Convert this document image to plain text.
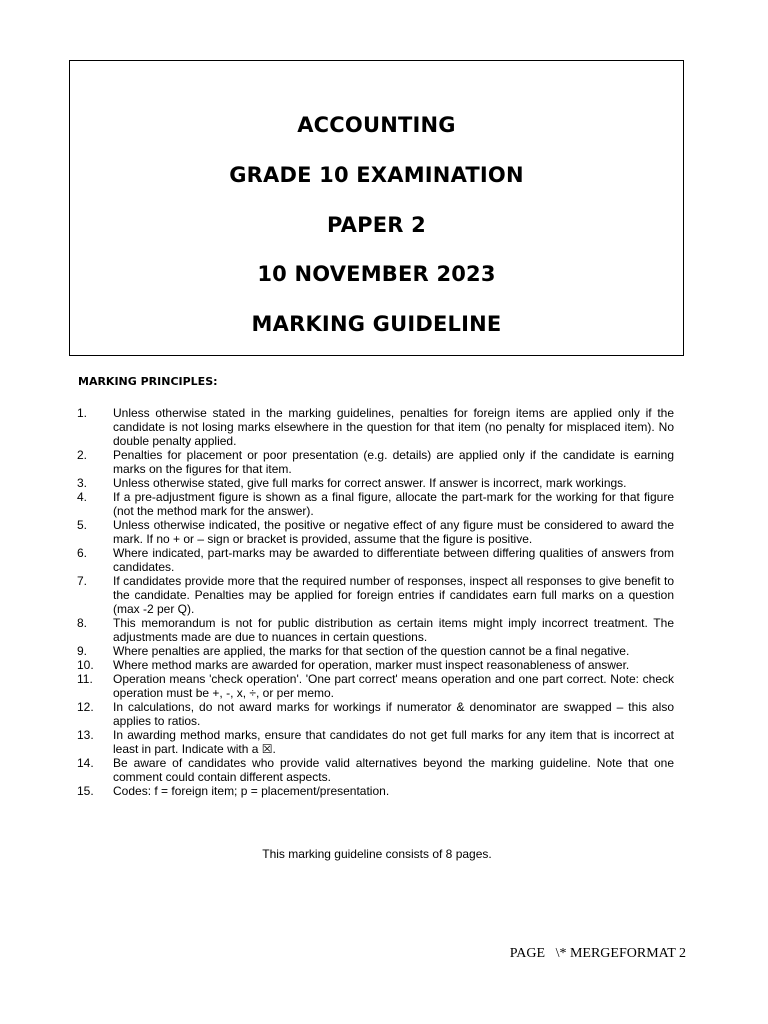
ACCOUNTING
GRADE 10 EXAMINATION
PAPER 2
10 NOVEMBER 2023
MARKING GUIDELINE
MARKING PRINCIPLES:
1.	Unless otherwise stated in the marking guidelines, penalties for foreign items are applied only if the candidate is not losing marks elsewhere in the question for that item (no penalty for misplaced item). No double penalty applied.
2.	Penalties for placement or poor presentation (e.g. details) are applied only if the candidate is earning marks on the figures for that item.
3.	Unless otherwise stated, give full marks for correct answer. If answer is incorrect, mark workings.
4.	If a pre-adjustment figure is shown as a final figure, allocate the part-mark for the working for that figure (not the method mark for the answer).
5.	Unless otherwise indicated, the positive or negative effect of any figure must be considered to award the mark. If no + or – sign or bracket is provided, assume that the figure is positive.
6.	Where indicated, part-marks may be awarded to differentiate between differing qualities of answers from candidates.
7.	If candidates provide more that the required number of responses, inspect all responses to give benefit to the candidate. Penalties may be applied for foreign entries if candidates earn full marks on a question (max -2 per Q).
8.	This memorandum is not for public distribution as certain items might imply incorrect treatment. The adjustments made are due to nuances in certain questions.
9.	Where penalties are applied, the marks for that section of the question cannot be a final negative.
10.	Where method marks are awarded for operation, marker must inspect reasonableness of answer.
11.	Operation means 'check operation'. 'One part correct' means operation and one part correct. Note: check operation must be +, -, x, ÷, or per memo.
12.	In calculations, do not award marks for workings if numerator & denominator are swapped – this also applies to ratios.
13.	In awarding method marks, ensure that candidates do not get full marks for any item that is incorrect at least in part. Indicate with a ☒.
14.	Be aware of candidates who provide valid alternatives beyond the marking guideline. Note that one comment could contain different aspects.
15.	Codes: f = foreign item; p = placement/presentation.
This marking guideline consists of 8 pages.
PAGE   \* MERGEFORMAT 2
